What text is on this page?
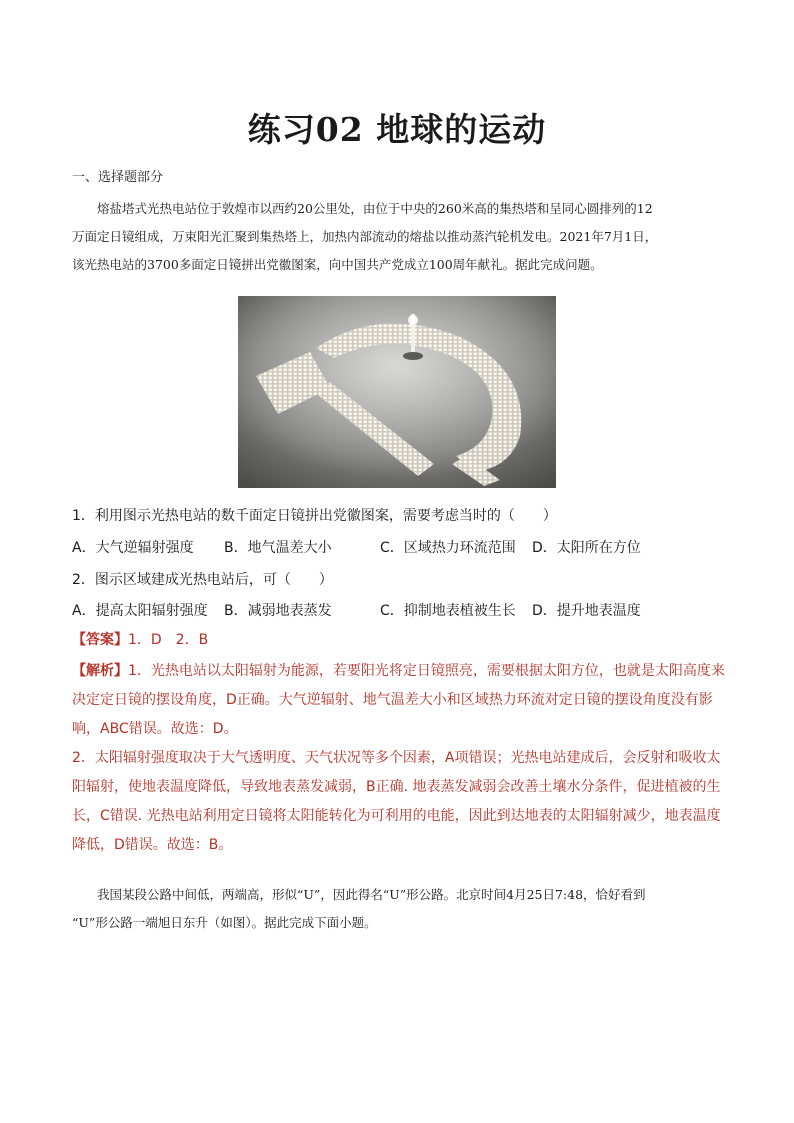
练习02 地球的运动
一、选择题部分

熔盐塔式光热电站位于敦煌市以西约20公里处，由位于中央的260米高的集热塔和呈同心圆排列的12

万面定日镜组成，万束阳光汇聚到集热塔上，加热内部流动的熔盐以推动蒸汽轮机发电。2021年7月1日，

该光热电站的3700多面定日镜拼出党徽图案，向中国共产党成立100周年献礼。据此完成问题。

1．利用图示光热电站的数千面定日镜拼出党徽图案，需要考虑当时的（　　）
A．大气逆辐射强度 B．地气温差大小	C．区域热力环流范围 D．太阳所在方位
2．图示区域建成光热电站后，可（　　）
A．提高太阳辐射强度 B．减弱地表蒸发	C．抑制地表植被生长 D．提升地表温度

【答案】1．D　2．B

【解析】1．光热电站以太阳辐射为能源，若要阳光将定日镜照亮，需要根据太阳方位，也就是太阳高度来

决定定日镜的摆设角度，D正确。大气逆辐射、地气温差大小和区域热力环流对定日镜的摆设角度没有影

响，ABC错误。故选：D。

2．太阳辐射强度取决于大气透明度、天气状况等多个因素，A项错误；光热电站建成后，会反射和吸收太

阳辐射，使地表温度降低，导致地表蒸发减弱，B正确. 地表蒸发减弱会改善土壤水分条件，促进植被的生

长，C错误. 光热电站利用定日镜将太阳能转化为可利用的电能，因此到达地表的太阳辐射减少，地表温度

降低，D错误。故选：B。

我国某段公路中间低，两端高，形似“U”，因此得名“U”形公路。北京时间4月25日7:48，恰好看到

“U”形公路一端旭日东升（如图）。据此完成下面小题。
